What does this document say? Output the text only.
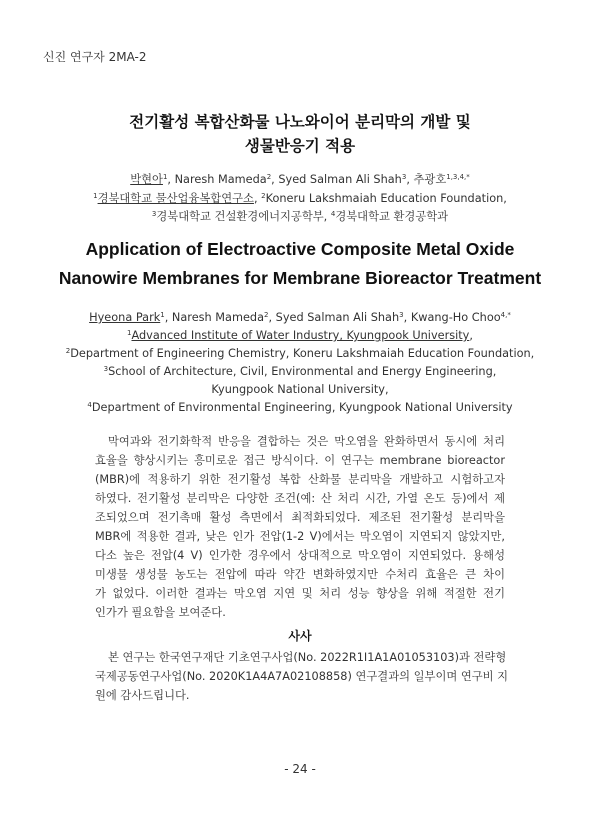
신진 연구자 2MA-2
전기활성 복합산화물 나노와이어 분리막의 개발 및
생물반응기 적용
박현아$^1$, Naresh Mameda$^2$, Syed Salman Ali Shah$^3$, 추광호$^{1,3,4,*}$
$^1$경북대학교 물산업융복합연구소, $^2$Koneru Lakshmaiah Education Foundation,
$^3$경북대학교 건설환경에너지공학부, $^4$경북대학교 환경공학과
Application of Electroactive Composite Metal Oxide
Nanowire Membranes for Membrane Bioreactor Treatment
Hyeona Park$^1$, Naresh Mameda$^2$, Syed Salman Ali Shah$^3$, Kwang-Ho Choo$^{4,*}$
$^1$Advanced Institute of Water Industry, Kyungpook University,
$^2$Department of Engineering Chemistry, Koneru Lakshmaiah Education Foundation,
$^3$School of Architecture, Civil, Environmental and Energy Engineering,
Kyungpook National University,
$^4$Department of Environmental Engineering, Kyungpook National University
막여과와 전기화학적 반응을 결합하는 것은 막오염을 완화하면서 동시에 처리
효율을 향상시키는 흥미로운 접근 방식이다. 이 연구는 membrane bioreactor
(MBR)에 적용하기 위한 전기활성 복합 산화물 분리막을 개발하고 시험하고자
하였다. 전기활성 분리막은 다양한 조건(예: 산 처리 시간, 가열 온도 등)에서 제
조되었으며 전기촉매 활성 측면에서 최적화되었다. 제조된 전기활성 분리막을
MBR에 적용한 결과, 낮은 인가 전압(1-2 V)에서는 막오염이 지연되지 않았지만,
다소 높은 전압(4 V) 인가한 경우에서 상대적으로 막오염이 지연되었다. 용해성
미생물 생성물 농도는 전압에 따라 약간 변화하였지만 수처리 효율은 큰 차이
가 없었다. 이러한 결과는 막오염 지연 및 처리 성능 향상을 위해 적절한 전기
인가가 필요함을 보여준다.
사사
본 연구는 한국연구재단 기초연구사업(No. 2022R1I1A1A01053103)과 전략형
국제공동연구사업(No. 2020K1A4A7A02108858) 연구결과의 일부이며 연구비 지
원에 감사드립니다.
- 24 -
